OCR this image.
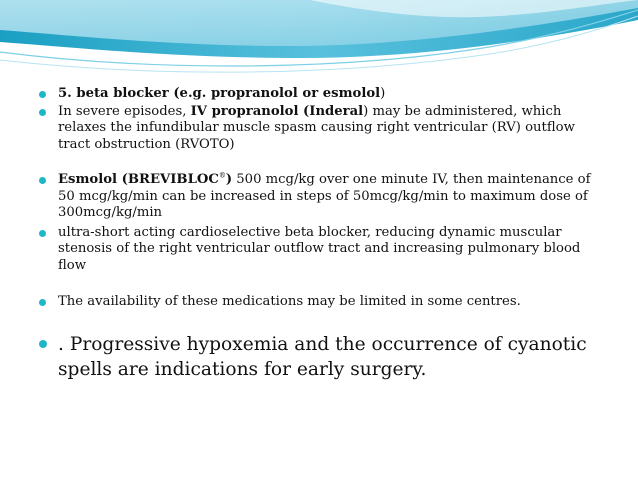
5. beta blocker (e.g. propranolol or esmolol)
In severe episodes, IV propranolol (Inderal) may be administered, which relaxes the infundibular muscle spasm causing right ventricular (RV) outflow tract obstruction (RVOTO)
Esmolol (BREVIBLOC®) 500 mcg/kg over one minute IV, then maintenance of 50 mcg/kg/min can be increased in steps of 50mcg/kg/min to maximum dose of 300mcg/kg/min
ultra-short acting cardioselective beta blocker, reducing dynamic muscular stenosis of the right ventricular outflow tract and increasing pulmonary blood flow
The availability of these medications may be limited in some centres.
. Progressive hypoxemia and the occurrence of cyanotic spells are indications for early surgery.
